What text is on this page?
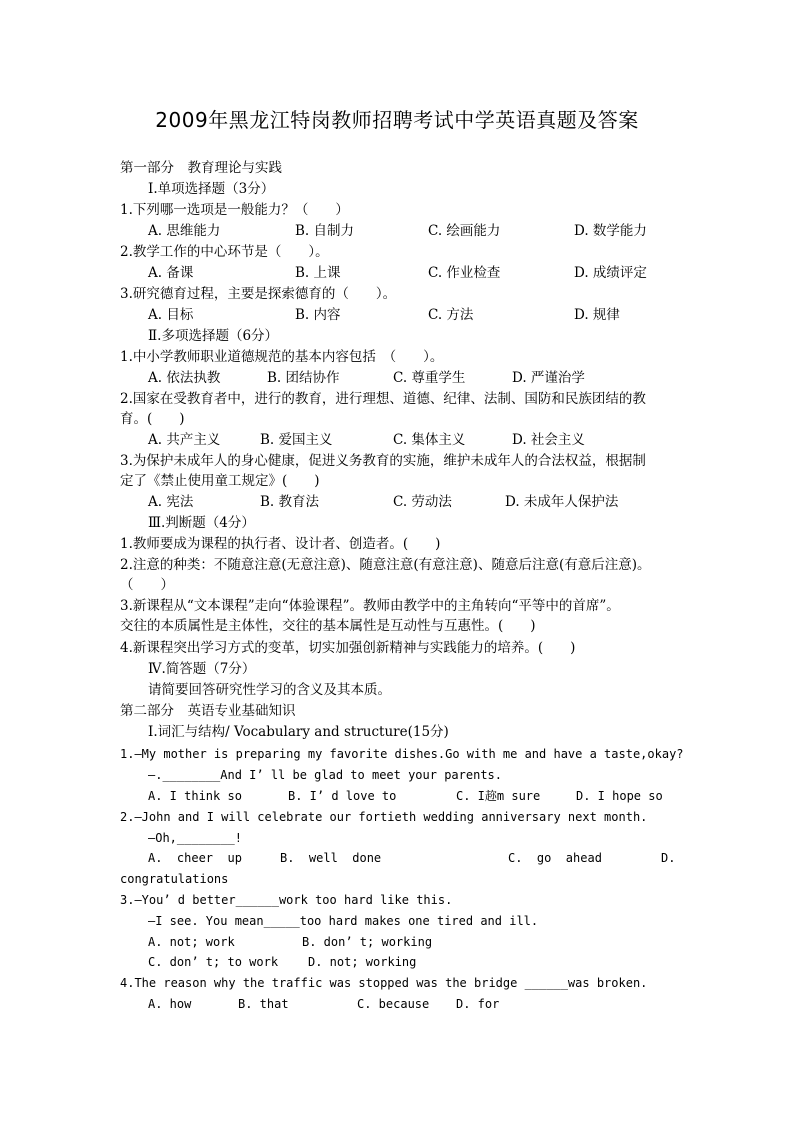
2009年黑龙江特岗教师招聘考试中学英语真题及答案
第一部分　教育理论与实践
Ⅰ.单项选择题（3分）
1.下列哪一选项是一般能力？（　　）
A. 思维能力	B. 自制力	C. 绘画能力	D. 数学能力
2.教学工作的中心环节是（　　）。
A. 备课	B. 上课	C. 作业检查	D. 成绩评定
3.研究德育过程，主要是探索德育的（　　）。
A. 目标	B. 内容	C. 方法	D. 规律
Ⅱ.多项选择题（6分）
1.中小学教师职业道德规范的基本内容包括　（　　）。
A. 依法执教	B. 团结协作	C. 尊重学生	D. 严谨治学
2.国家在受教育者中，进行的教育，进行理想、道德、纪律、法制、国防和民族团结的教
育。(　　)
A. 共产主义	B. 爱国主义	C. 集体主义	D. 社会主义
3.为保护未成年人的身心健康，促进义务教育的实施，维护未成年人的合法权益，根据制
定了《禁止使用童工规定》(　　)
A. 宪法	B. 教育法	C. 劳动法	D. 未成年人保护法
Ⅲ.判断题（4分）
1.教师要成为课程的执行者、设计者、创造者。(　　)
2.注意的种类：不随意注意(无意注意)、随意注意(有意注意)、随意后注意(有意后注意)。
（　　）
3.新课程从“文本课程”走向“体验课程”。教师由教学中的主角转向“平等中的首席”。
交往的本质属性是主体性，交往的基本属性是互动性与互惠性。(　　)
4.新课程突出学习方式的变革，切实加强创新精神与实践能力的培养。(　　)
Ⅳ.简答题（7分）
请简要回答研究性学习的含义及其本质。
第二部分　英语专业基础知识
Ⅰ.词汇与结构/ Vocabulary and structure(15分)
1.—My mother is preparing my favorite dishes.Go with me and have a taste,okay?
—.________And I’ ll be glad to meet your parents.
A. I think so	B. I’ d love to	C. I趂m sure	D. I hope so
2.—John and I will celebrate our fortieth wedding anniversary next month.
—Oh,________!
A.  cheer  up	B.  well  done	C.  go  ahead	D.
congratulations
3.—You’ d better______work too hard like this.
—I see. You mean_____too hard makes one tired and ill.
A. not; work	B. don’ t; working
C. don’ t; to work D. not; working
4.The reason why the traffic was stopped was the bridge ______was broken.
A. how	B. that	C. because D. for
